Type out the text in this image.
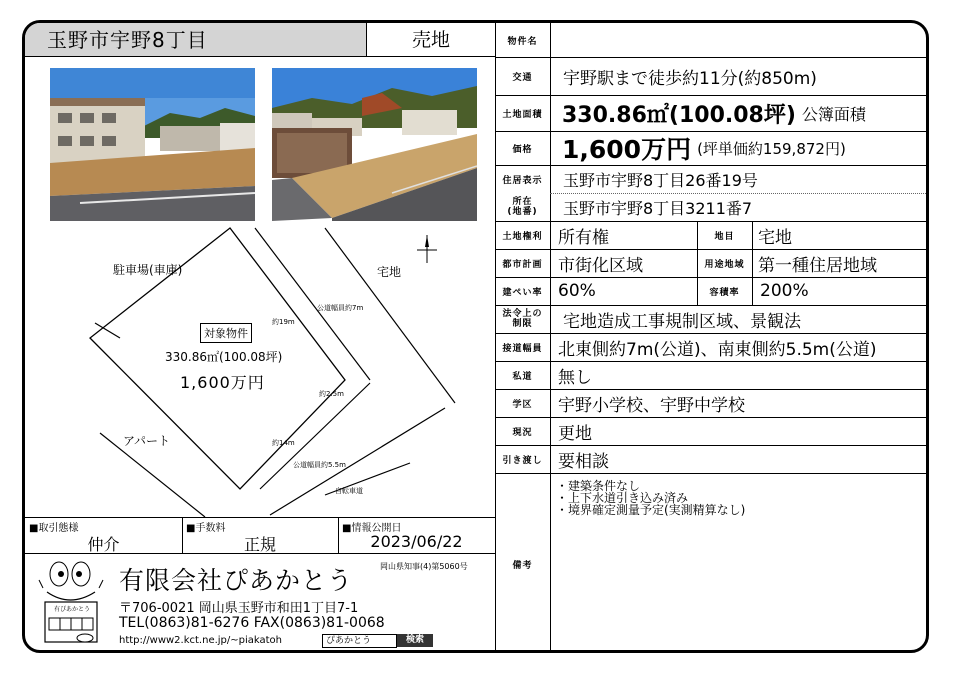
玉野市宇野8丁目	売地
駐車場(車庫)	宅地
アパート
対象物件
330.86㎡(100.08坪)
1,600万円
公道幅員約7m
公道幅員約5.5m
約19m
約2.5m
約14m
自転車道
■取引態様
仲介
■手数料
正規
■情報公開日
2023/06/22
有ぴあかとう
有限会社ぴあかとう	岡山県知事(4)第5060号
〒706-0021 岡山県玉野市和田1丁目7-1
TEL(0863)81-6276 FAX(0863)81-0068
http://www2.kct.ne.jp/~piakatoh	ぴあかとう	検索
物件名
交通	宇野駅まで徒歩約11分(約850m)
土地面積 330.86㎡(100.08坪) 公簿面積
価格	1,600万円 (坪単価約159,872円)
住居表示	玉野市宇野8丁目26番19号
所在
(地番) 玉野市宇野8丁目3211番7
土地権利 所有権	地目	宅地
都市計画 市街化区域	用途地域 第一種住居地域
建ぺい率 60%	容積率	200%
法令上の制限	宅地造成工事規制区域、景観法
接道幅員 北東側約7m(公道)、南東側約5.5m(公道)
私道	無し
学区	宇野小学校、宇野中学校
現況	更地
引き渡し 要相談
備考
・建築条件なし
・上下水道引き込み済み
・境界確定測量予定(実測精算なし)
